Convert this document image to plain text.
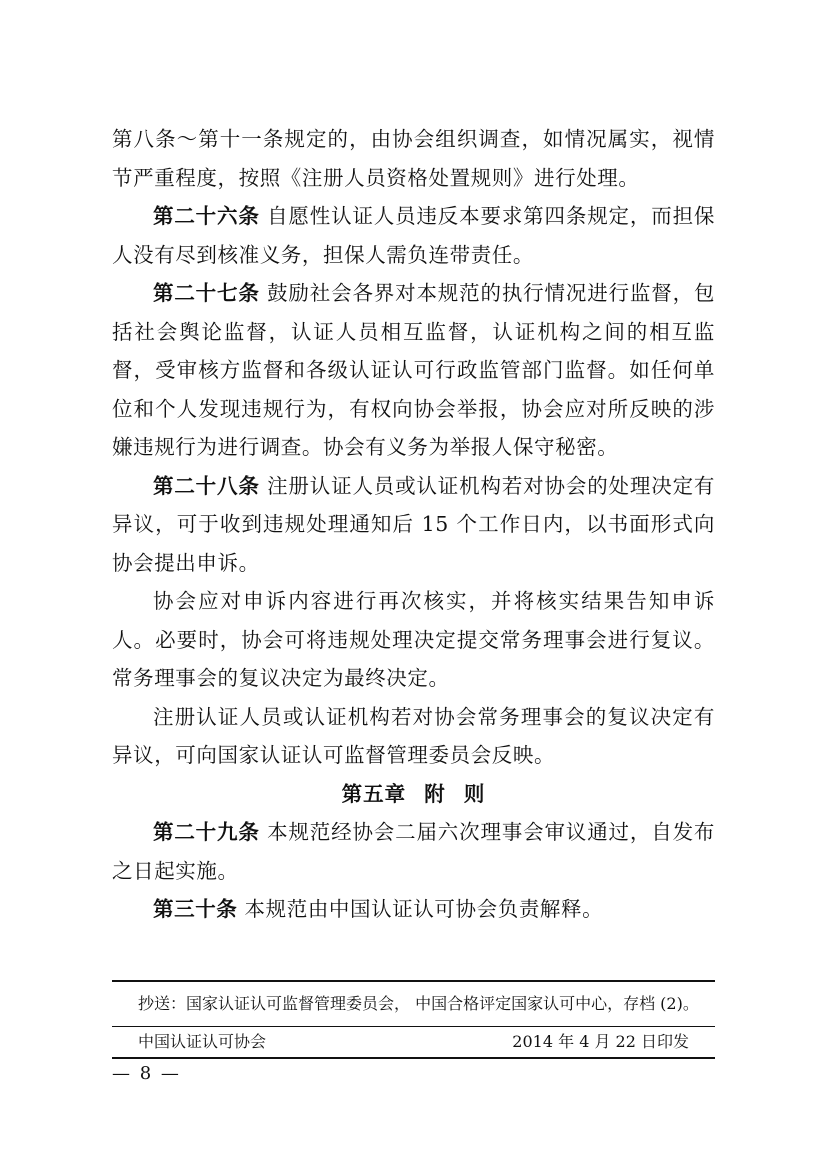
第八条～第十一条规定的，由协会组织调查，如情况属实，视情节严重程度，按照《注册人员资格处置规则》进行处理。

第二十六条 自愿性认证人员违反本要求第四条规定，而担保人没有尽到核准义务，担保人需负连带责任。

第二十七条 鼓励社会各界对本规范的执行情况进行监督，包括社会舆论监督，认证人员相互监督，认证机构之间的相互监督，受审核方监督和各级认证认可行政监管部门监督。如任何单位和个人发现违规行为，有权向协会举报，协会应对所反映的涉嫌违规行为进行调查。协会有义务为举报人保守秘密。

第二十八条 注册认证人员或认证机构若对协会的处理决定有异议，可于收到违规处理通知后 15 个工作日内，以书面形式向协会提出申诉。

协会应对申诉内容进行再次核实，并将核实结果告知申诉人。必要时，协会可将违规处理决定提交常务理事会进行复议。常务理事会的复议决定为最终决定。

注册认证人员或认证机构若对协会常务理事会的复议决定有异议，可向国家认证认可监督管理委员会反映。

第五章 附 则

第二十九条 本规范经协会二届六次理事会审议通过，自发布之日起实施。

第三十条 本规范由中国认证认可协会负责解释。

抄送：国家认证认可监督管理委员会， 中国合格评定国家认可中心，存档 (2)。
中国认证认可协会	2014 年 4 月 22 日印发
— 8 —
